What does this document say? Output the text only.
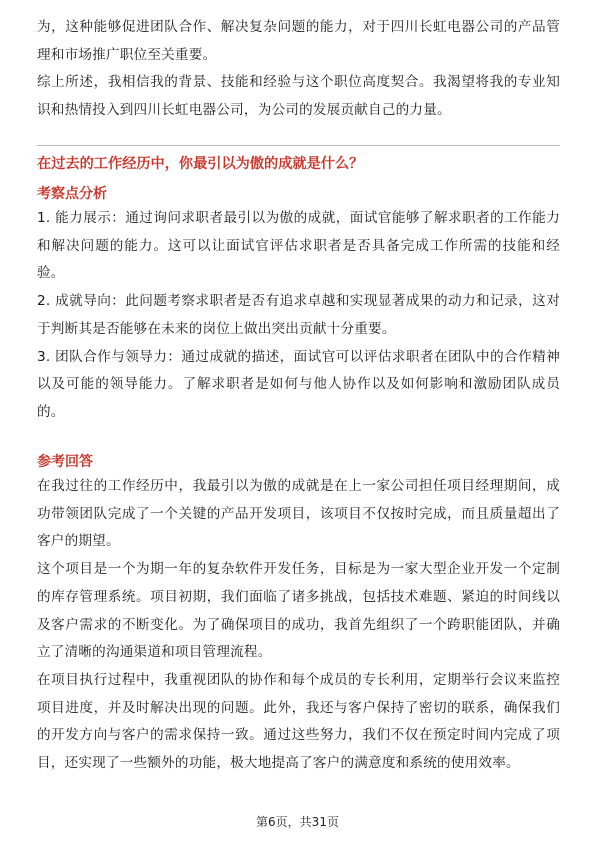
为，这种能够促进团队合作、解决复杂问题的能力，对于四川长虹电器公司的产品管理和市场推广职位至关重要。

综上所述，我相信我的背景、技能和经验与这个职位高度契合。我渴望将我的专业知识和热情投入到四川长虹电器公司，为公司的发展贡献自己的力量。

在过去的工作经历中，你最引以为傲的成就是什么？

考察点分析

1. 能力展示：通过询问求职者最引以为傲的成就，面试官能够了解求职者的工作能力和解决问题的能力。这可以让面试官评估求职者是否具备完成工作所需的技能和经验。

2. 成就导向：此问题考察求职者是否有追求卓越和实现显著成果的动力和记录，这对于判断其是否能够在未来的岗位上做出突出贡献十分重要。

3. 团队合作与领导力：通过成就的描述，面试官可以评估求职者在团队中的合作精神以及可能的领导能力。了解求职者是如何与他人协作以及如何影响和激励团队成员的。

参考回答

在我过往的工作经历中，我最引以为傲的成就是在上一家公司担任项目经理期间，成功带领团队完成了一个关键的产品开发项目，该项目不仅按时完成，而且质量超出了客户的期望。

这个项目是一个为期一年的复杂软件开发任务，目标是为一家大型企业开发一个定制的库存管理系统。项目初期，我们面临了诸多挑战，包括技术难题、紧迫的时间线以及客户需求的不断变化。为了确保项目的成功，我首先组织了一个跨职能团队，并确立了清晰的沟通渠道和项目管理流程。

在项目执行过程中，我重视团队的协作和每个成员的专长利用，定期举行会议来监控项目进度，并及时解决出现的问题。此外，我还与客户保持了密切的联系，确保我们的开发方向与客户的需求保持一致。通过这些努力，我们不仅在预定时间内完成了项目，还实现了一些额外的功能，极大地提高了客户的满意度和系统的使用效率。

第6页，共31页
